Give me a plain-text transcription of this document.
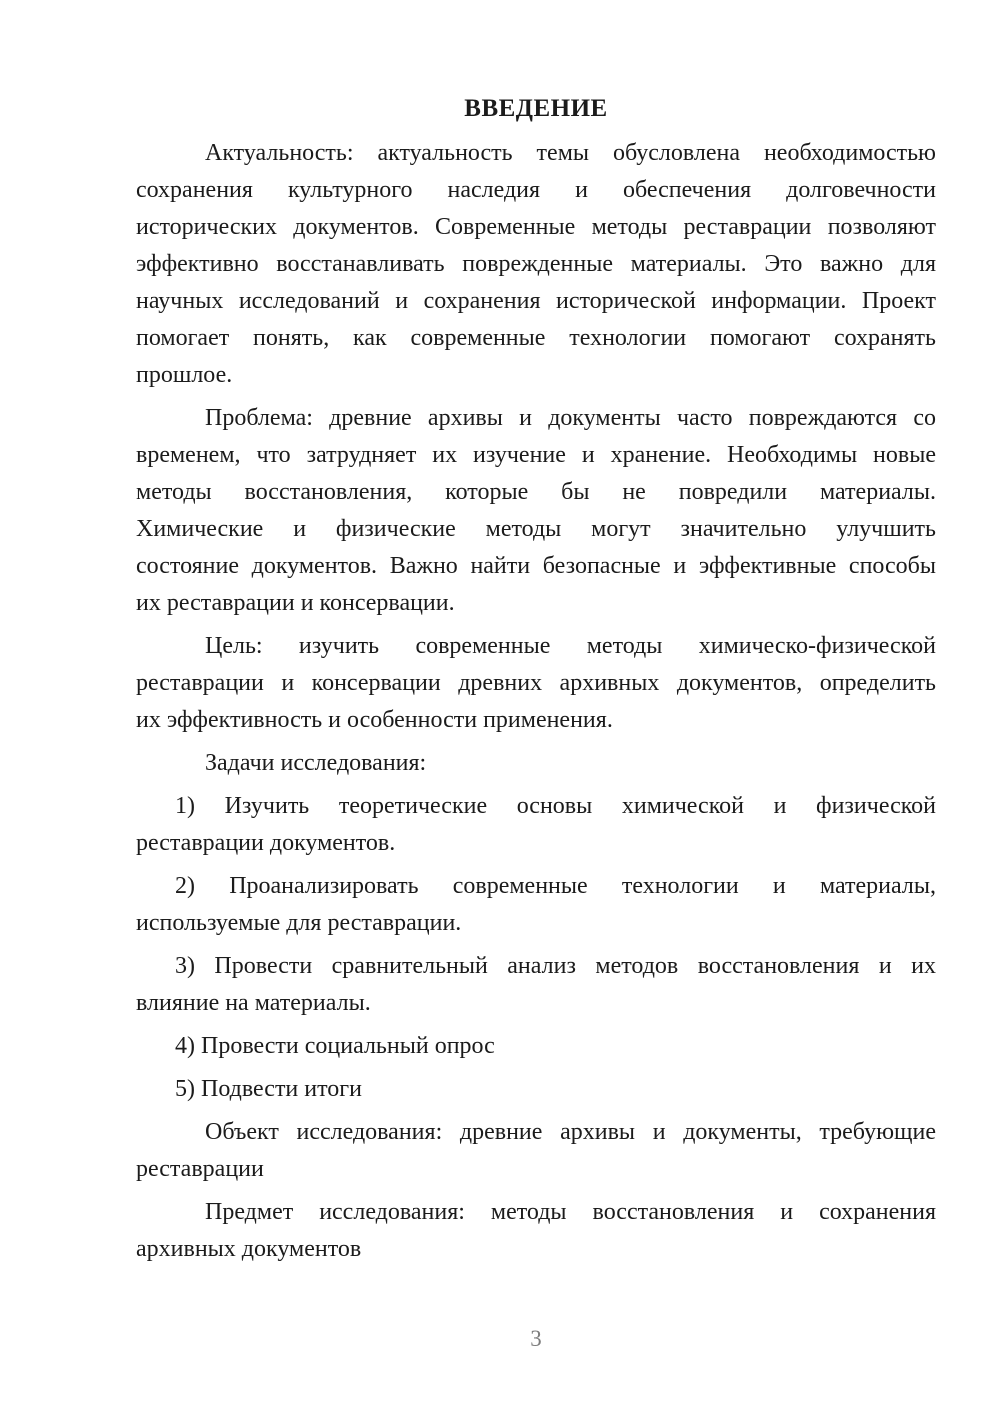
ВВЕДЕНИЕ
Актуальность: актуальность темы обусловлена необходимостью
сохранения культурного наследия и обеспечения долговечности
исторических документов. Современные методы реставрации позволяют
эффективно восстанавливать поврежденные материалы. Это важно для
научных исследований и сохранения исторической информации. Проект
помогает понять, как современные технологии помогают сохранять
прошлое.
Проблема: древние архивы и документы часто повреждаются со
временем, что затрудняет их изучение и хранение. Необходимы новые
методы восстановления, которые бы не повредили материалы.
Химические и физические методы могут значительно улучшить
состояние документов. Важно найти безопасные и эффективные способы
их реставрации и консервации.
Цель: изучить современные методы химическо-физической
реставрации и консервации древних архивных документов, определить
их эффективность и особенности применения.
Задачи исследования:
1) Изучить теоретические основы химической и физической
реставрации документов.
2) Проанализировать современные технологии и материалы,
используемые для реставрации.
3) Провести сравнительный анализ методов восстановления и их
влияние на материалы.
4) Провести социальный опрос
5) Подвести итоги
Объект исследования: древние архивы и документы, требующие
реставрации
Предмет исследования: методы восстановления и сохранения
архивных документов
3
